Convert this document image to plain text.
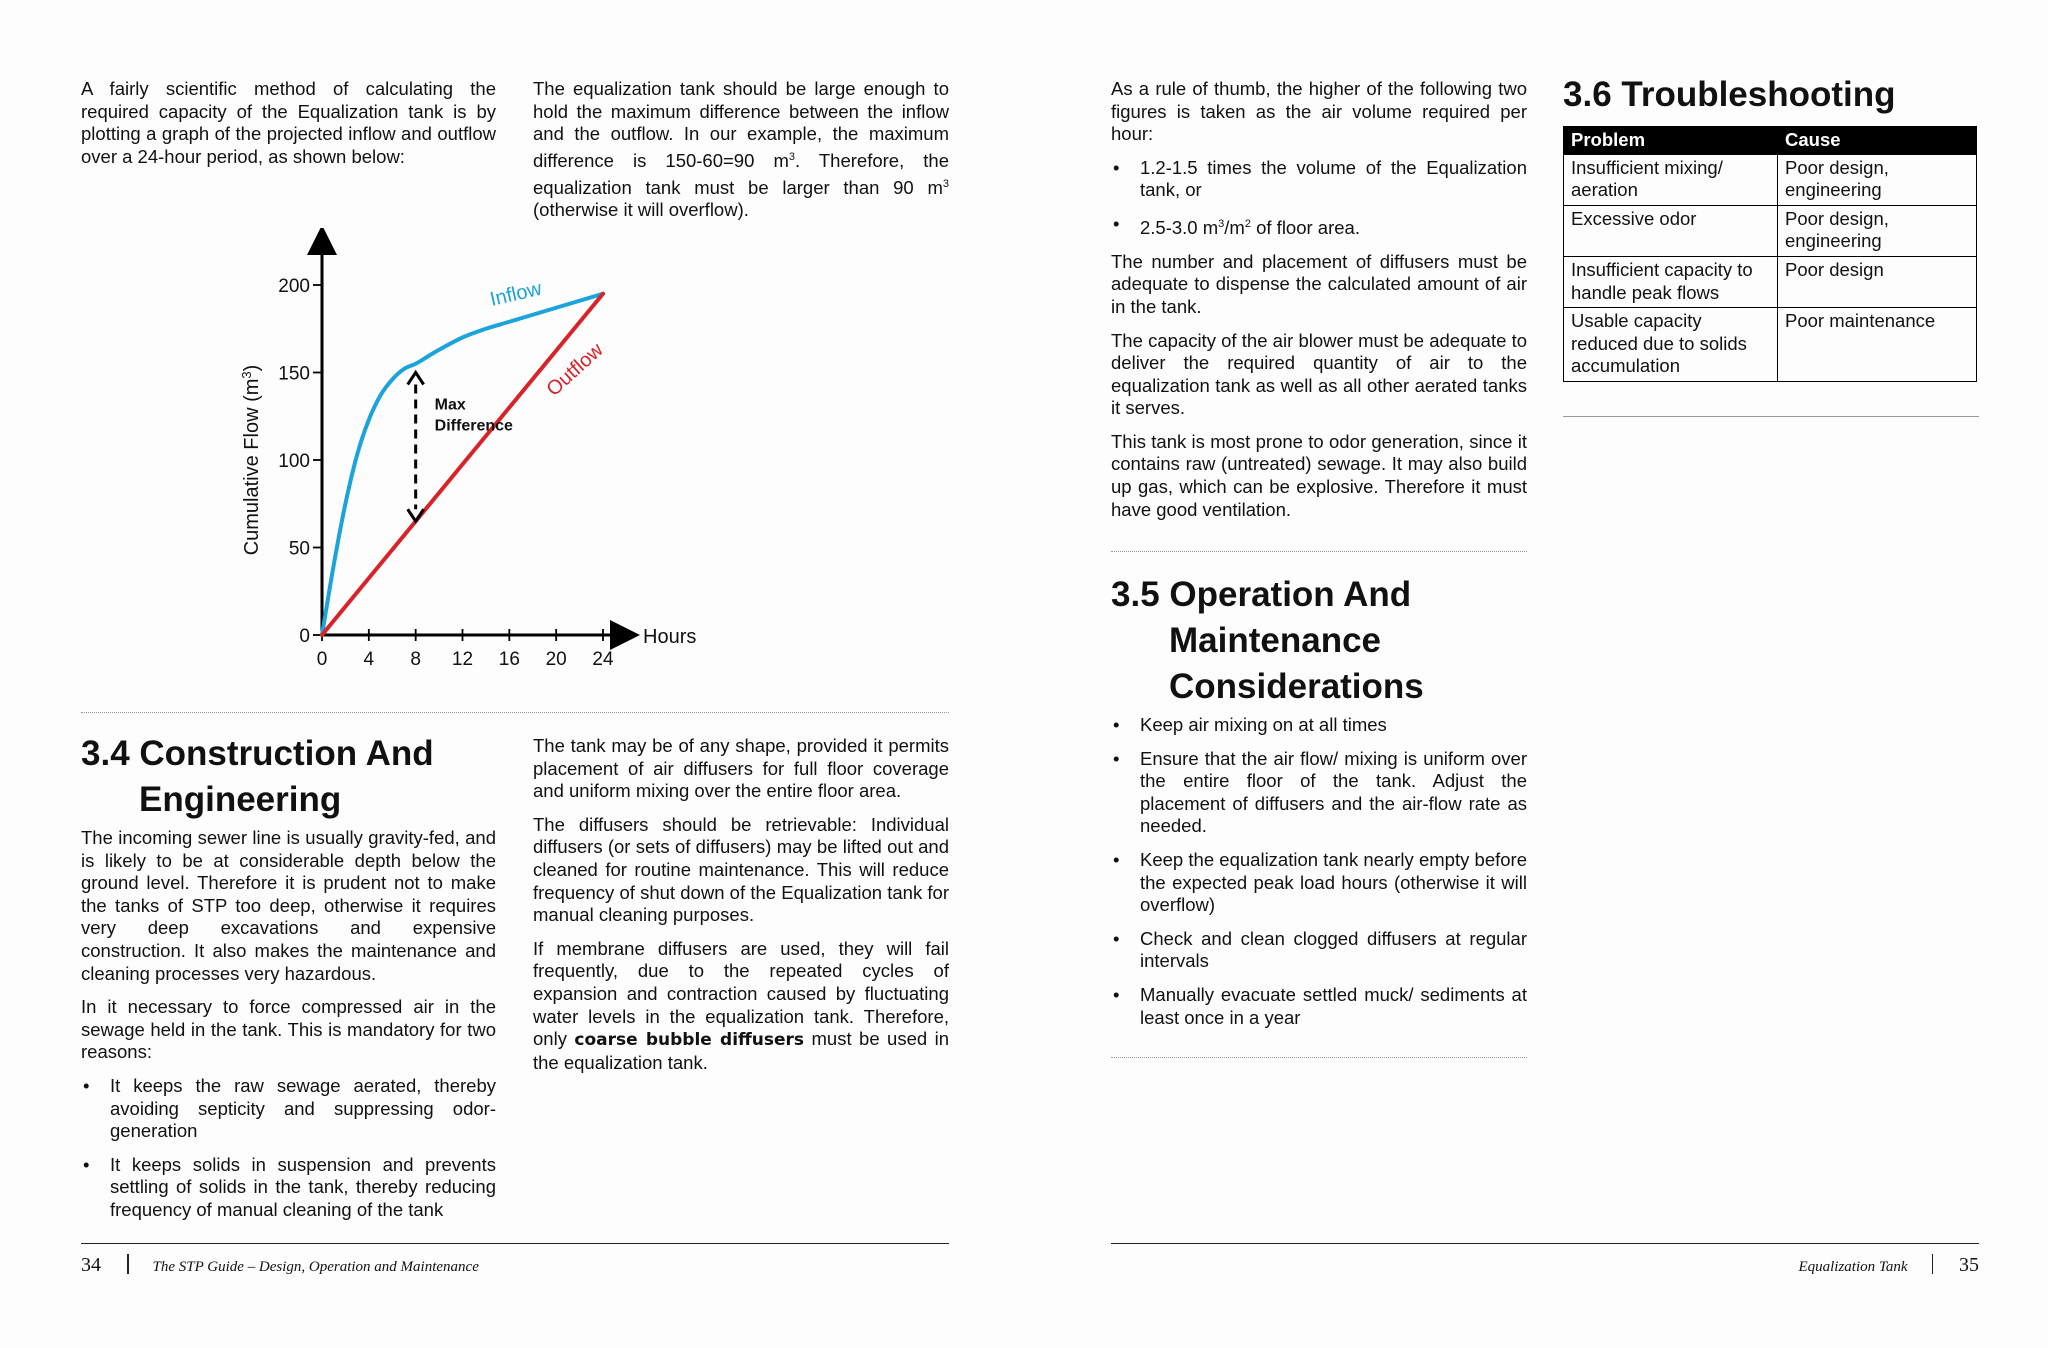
A fairly scientific method of calculating the required capacity of the Equalization tank is by plotting a graph of the projected inflow and outflow over a 24-hour period, as shown below:

The equalization tank should be large enough to hold the maximum difference between the inflow and the outflow. In our example, the maximum difference is 150-60=90 $m^3$. Therefore, the equalization tank must be larger than 90 $m^3$ (otherwise it will overflow).

Hours
Cumulative Flow $(m^3)$
0 4 8 12 16 20 24
0
50
100
150
200	Inflow
Outflow
Max
Difference
3.4 Construction And Engineering

The incoming sewer line is usually gravity-fed, and is likely to be at considerable depth below the ground level. Therefore it is prudent not to make the tanks of STP too deep, otherwise it requires very deep excavations and expensive construction. It also makes the maintenance and cleaning processes very hazardous.

In it necessary to force compressed air in the sewage held in the tank. This is mandatory for two reasons:

• It keeps the raw sewage aerated, thereby avoiding septicity and suppressing odor-generation
• It keeps solids in suspension and prevents settling of solids in the tank, thereby reducing frequency of manual cleaning of the tank

The tank may be of any shape, provided it permits placement of air diffusers for full floor coverage and uniform mixing over the entire floor area.

The diffusers should be retrievable: Individual diffusers (or sets of diffusers) may be lifted out and cleaned for routine maintenance. This will reduce frequency of shut down of the Equalization tank for manual cleaning purposes.

If membrane diffusers are used, they will fail frequently, due to the repeated cycles of expansion and contraction caused by fluctuating water levels in the equalization tank. Therefore, only coarse bubble diffusers must be used in the equalization tank.

34	The STP Guide – Design, Operation and Maintenance

As a rule of thumb, the higher of the following two figures is taken as the air volume required per hour:

• 1.2-1.5 times the volume of the Equalization tank, or
• 2.5-3.0 $m^3/m^2$ of floor area.

The number and placement of diffusers must be adequate to dispense the calculated amount of air in the tank.

The capacity of the air blower must be adequate to deliver the required quantity of air to the equalization tank as well as all other aerated tanks it serves.

This tank is most prone to odor generation, since it contains raw (untreated) sewage. It may also build up gas, which can be explosive. Therefore it must have good ventilation.

3.5 Operation And Maintenance Considerations
• Keep air mixing on at all times
• Ensure that the air flow/ mixing is uniform over the entire floor of the tank. Adjust the placement of diffusers and the air-flow rate as needed.
• Keep the equalization tank nearly empty before the expected peak load hours (otherwise it will overflow)
• Check and clean clogged diffusers at regular intervals
• Manually evacuate settled muck/ sediments at least once in a year
3.6 Troubleshooting
Problem	Cause
Insufficient mixing/ aeration	Poor design, engineering
Excessive odor	Poor design, engineering
Insufficient capacity to handle peak flows	Poor design
Usable capacity reduced due to solids accumulation	Poor maintenance
Equalization Tank	35
